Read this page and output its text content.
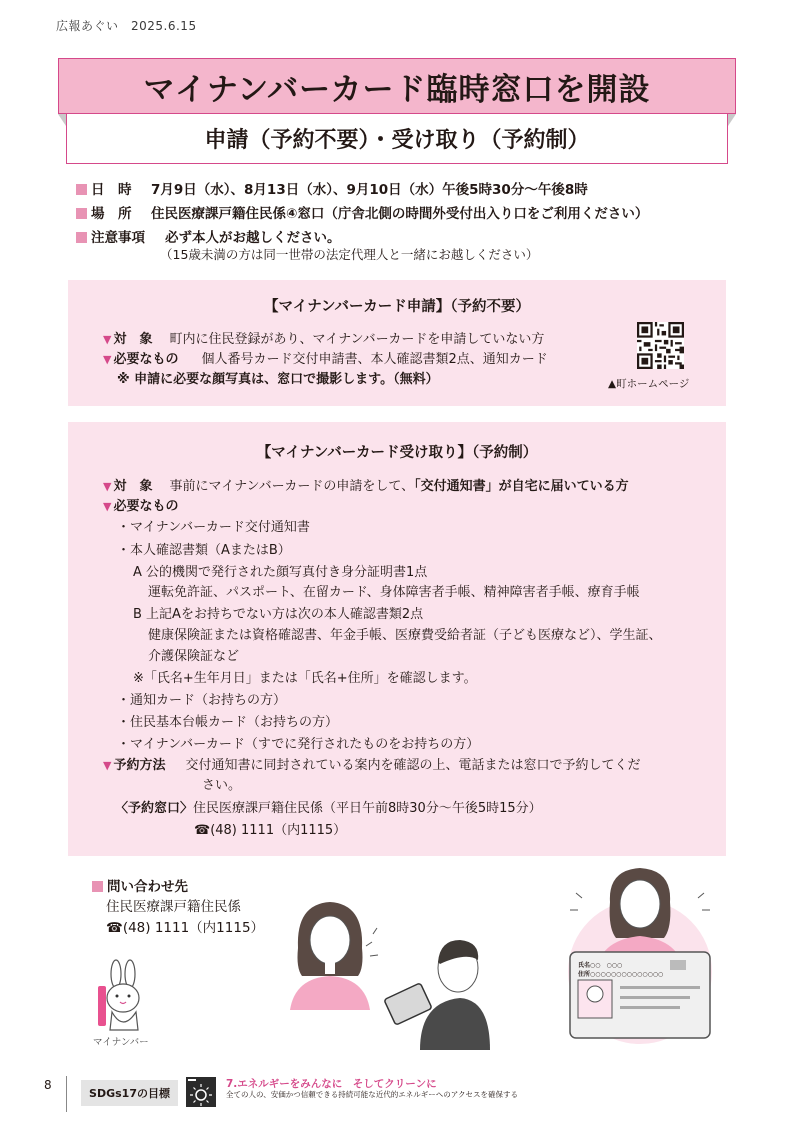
広報あぐい　2025.6.15
マイナンバーカード臨時窓口を開設
申請（予約不要）・受け取り（予約制）
日　時 7月9日（水）、8月13日（水）、9月10日（水）午後5時30分～午後8時
場　所 住民医療課戸籍住民係④窓口（庁舎北側の時間外受付出入り口をご利用ください）
注意事項 必ず本人がお越しください。
（15歳未満の方は同一世帯の法定代理人と一緒にお越しください）
【マイナンバーカード申請】（予約不要）
▼ 対　象 町内に住民登録があり、マイナンバーカードを申請していない方
▼ 必要なもの 個人番号カード交付申請書、本人確認書類2点、通知カード
※ 申請に必要な顔写真は、窓口で撮影します。（無料）	▲町ホームページ
【マイナンバーカード受け取り】（予約制）
▼ 対　象 事前にマイナンバーカードの申請をして、「交付通知書」が自宅に届いている方
▼ 必要なもの
・マイナンバーカード交付通知書
・本人確認書類（AまたはB）
A 公的機関で発行された顔写真付き身分証明書1点
運転免許証、パスポート、在留カード、身体障害者手帳、精神障害者手帳、療育手帳
B 上記Aをお持ちでない方は次の本人確認書類2点
健康保険証または資格確認書、年金手帳、医療費受給者証（子ども医療など）、学生証、
介護保険証など
※「氏名+生年月日」または「氏名+住所」を確認します。
・通知カード（お持ちの方）
・住民基本台帳カード（お持ちの方）
・マイナンバーカード（すでに発行されたものをお持ちの方）
▼ 予約方法 交付通知書に同封されている案内を確認の上、電話または窓口で予約してくだ
さい。
〈予約窓口〉住民医療課戸籍住民係（平日午前8時30分～午後5時15分）
☎(48) 1111（内1115）
問い合わせ先
住民医療課戸籍住民係
☎(48) 1111（内1115）
マイナンバー
氏名○○　○○○
住所○○○○○○○○○○○○○○
8
SDGs17の目標
7.エネルギーをみんなに　そしてクリーンに
全ての人の、安価かつ信頼できる持続可能な近代的エネルギーへのアクセスを確保する
